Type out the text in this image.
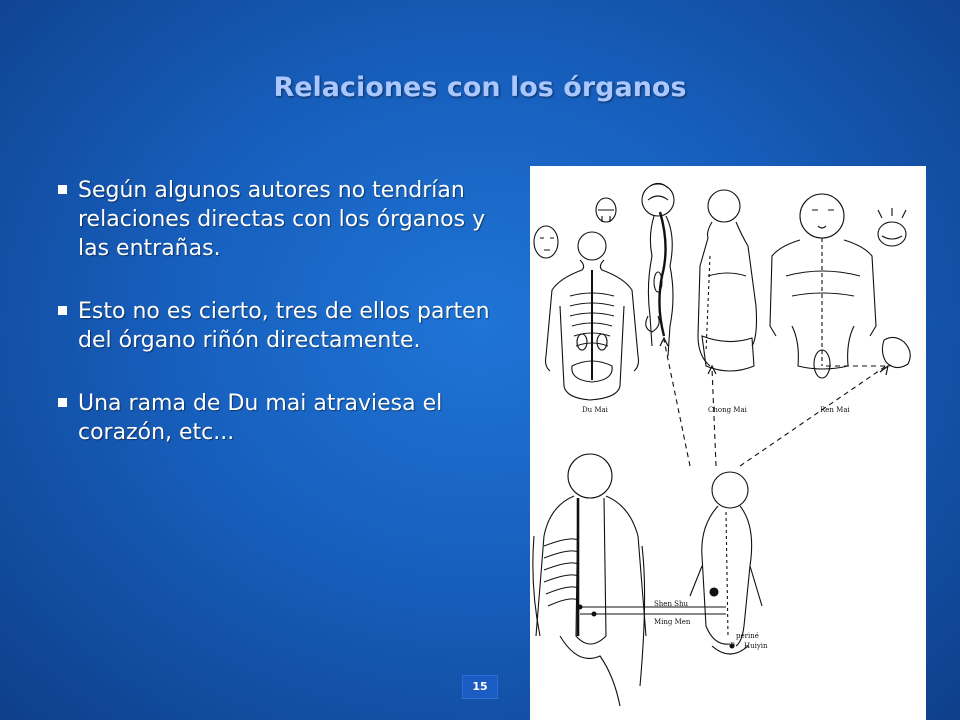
Relaciones con los órganos
Según algunos autores no tendrían relaciones directas con los órganos y las entrañas.
Esto no es cierto, tres de ellos parten del órgano riñón directamente.
Una rama de Du mai atraviesa el corazón, etc...
Du Mai	Chong Mai	Ren Mai
Shen Shu
Ming Men
périné
P Huiyin
15
